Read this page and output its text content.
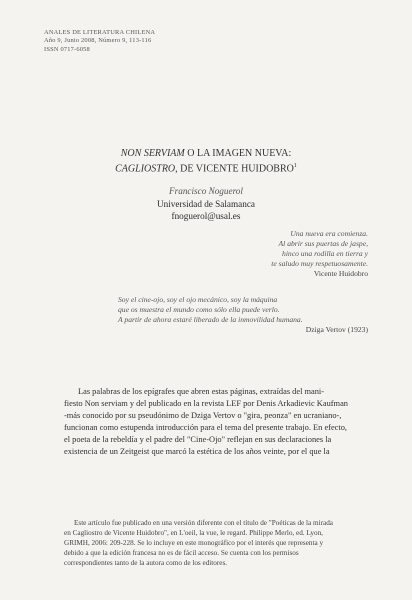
ANALES DE LITERATURA CHILENA
Año 9, Junio 2008, Número 9, 113-116
ISSN 0717-6058
NON SERVIAM O LA IMAGEN NUEVA:
CAGLIOSTRO, DE VICENTE HUIDOBRO$^1$
Francisco Noguerol
Universidad de Salamanca
fnoguerol@usal.es
Una nueva era comienza.
Al abrir sus puertas de jaspe,
hinco una rodilla en tierra y
te saludo muy respetuosamente.
Vicente Huidobro
Soy el cine-ojo, soy el ojo mecánico, soy la máquina
que os muestra el mundo como sólo ella puede verlo.
A partir de ahora estaré liberado de la inmovilidad humana.
Dziga Vertov (1923)
Las palabras de los epígrafes que abren estas páginas, extraídas del mani-
fiesto Non serviam y del publicado en la revista LEF por Denis Arkadievic Kaufman
-más conocido por su pseudónimo de Dziga Vertov o "gira, peonza" en ucraniano-,
funcionan como estupenda introducción para el tema del presente trabajo. En efecto,
el poeta de la rebeldía y el padre del "Cine-Ojo" reflejan en sus declaraciones la
existencia de un Zeitgeist que marcó la estética de los años veinte, por el que la
Este artículo fue publicado en una versión diferente con el título de "Poéticas de la mirada
en Cagliostro de Vicente Huidobro", en L'oeil, la vue, le regard. Philippe Merlo, ed. Lyon,
GRIMH, 2006: 209-228. Se lo incluye en este monográfico por el interés que representa y
debido a que la edición francesa no es de fácil acceso. Se cuenta con los permisos
correspondientes tanto de la autora como de los editores.
